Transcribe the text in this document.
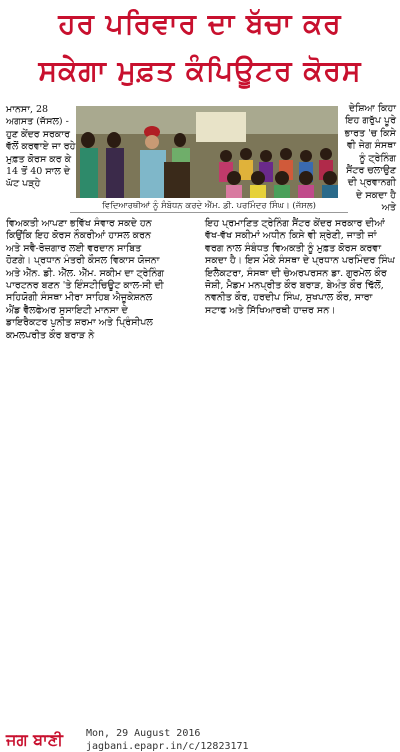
ਹਰ ਪਰਿਵਾਰ ਦਾ ਬੱਚਾ ਕਰ
ਸਕੇਗਾ ਮੁਫ਼ਤ ਕੰਪਿਊਟਰ ਕੋਰਸ
ਮਾਨਸਾ, 28 ਅਗਸਤ (ਜੱਸਲ) - ਹੁਣ ਕੇਂਦਰ ਸਰਕਾਰ ਵੱਲੋਂ ਕਰਵਾਏ ਜਾ ਰਹੇ ਮੁਫ਼ਤ ਕੋਰਸ ਕਰ ਕੇ 14 ਤੋਂ 40 ਸਾਲ ਦੇ ਘੱਟ ਪੜ੍ਹੇ
ਦੇਸ਼ਿਆ ਕਿਹਾ ਇਹ ਗਰੁੱਪ ਪੂਰੇ ਭਾਰਤ 'ਚ ਕਿਸੇ ਵੀ ਜੇਗ ਸੰਸਥਾ ਨੂੰ ਟ੍ਰੇਨਿੰਗ ਸੈਂਟਰ ਚਲਾਉਣ ਦੀ ਪ੍ਰਵਾਨਗੀ ਦੇ ਸਕਦਾ ਹੈ ਅਤੇ
ਵਿਦਿਆਰਥੀਆਂ ਨੂੰ ਸੰਬੋਧਨ ਕਰਦੇ ਐੱਮ. ਡੀ. ਪਰਮਿੰਦਰ ਸਿੰਘ। (ਜੱਸਲ)
ਵਿਅਕਤੀ ਆਪਣਾ ਭਵਿੱਖ ਸੰਵਾਰ ਸਕਦੇ ਹਨ ਕਿਉਂਕਿ ਇਹ ਕੋਰਸ ਨੌਕਰੀਆਂ ਹਾਸਲ ਕਰਨ ਅਤੇ ਸਵੈ-ਰੋਜ਼ਗਾਰ ਲਈ ਵਰਦਾਨ ਸਾਬਿਤ ਹੋਣਗੇ। ਪ੍ਰਧਾਨ ਮੰਤਰੀ ਕੌਸਲ ਵਿਕਾਸ ਯੋਜਨਾ ਅਤੇ ਐੱਨ. ਡੀ. ਐੱਲ. ਐੱਮ. ਸਕੀਮ ਦਾ ਟ੍ਰੇਨਿੰਗ ਪਾਰਟਨਰ ਬਣਨ 'ਤੇ ਇੰਸਟੀਚਿਊਟ ਕਾਲ-ਸੀ ਦੀ ਸਹਿਯੋਗੀ ਸੰਸਥਾ ਮੀਰਾ ਸਾਹਿਬ ਐਜੂਕੇਸ਼ਨਲ ਐਂਡ ਵੈੱਲਫੇਅਰ ਸੁਸਾਇਟੀ ਮਾਨਸਾ ਦੇ ਡਾਇਰੈਕਟਰ ਪੁਨੀਤ ਸ਼ਰਮਾ ਅਤੇ ਪ੍ਰਿੰਸੀਪਲ ਕਮਲਪਰੀਤ ਕੌਰ ਬਰਾੜ ਨੇ
ਇਹ ਪ੍ਰਮਾਣਿਤ ਟ੍ਰੇਨਿੰਗ ਸੈਂਟਰ ਕੇਂਦਰ ਸਰਕਾਰ ਦੀਆਂ ਵੱਖ-ਵੱਖ ਸਕੀਮਾਂ ਅਧੀਨ ਕਿਸੇ ਵੀ ਸ਼੍ਰੇਣੀ, ਜਾਤੀ ਜਾਂ ਵਰਗ ਨਾਲ ਸੰਬੰਧਤ ਵਿਅਕਤੀ ਨੂੰ ਮੁਫ਼ਤ ਕੋਰਸ ਕਰਵਾ ਸਕਦਾ ਹੈ। ਇਸ ਮੌਕੇ ਸੰਸਥਾ ਦੇ ਪ੍ਰਧਾਨ ਪਰਮਿੰਦਰ ਸਿੰਘ ਇਲੈਕਟਰਾ, ਸੰਸਥਾ ਦੀ ਚੇਅਰਪਰਸਨ ਡਾ. ਗੁਰਮੇਲ ਕੌਰ ਜੋਸ਼ੀ, ਮੈਡਮ ਮਨਪ੍ਰੀਤ ਕੌਰ ਬਰਾੜ, ਬੇਅੰਤ ਕੌਰ ਢਿੱਲੋਂ, ਨਵਨੀਤ ਕੌਰ, ਹਰਦੀਪ ਸਿੰਘ, ਸੁਖਪਾਲ ਕੌਰ, ਸਾਰਾ ਸਟਾਫ ਅਤੇ ਸਿੱਖਿਆਰਥੀ ਹਾਜ਼ਰ ਸਨ।
ਜਗ ਬਾਣੀ	Mon, 29 August 2016
jagbani.epapr.in/c/12823171
